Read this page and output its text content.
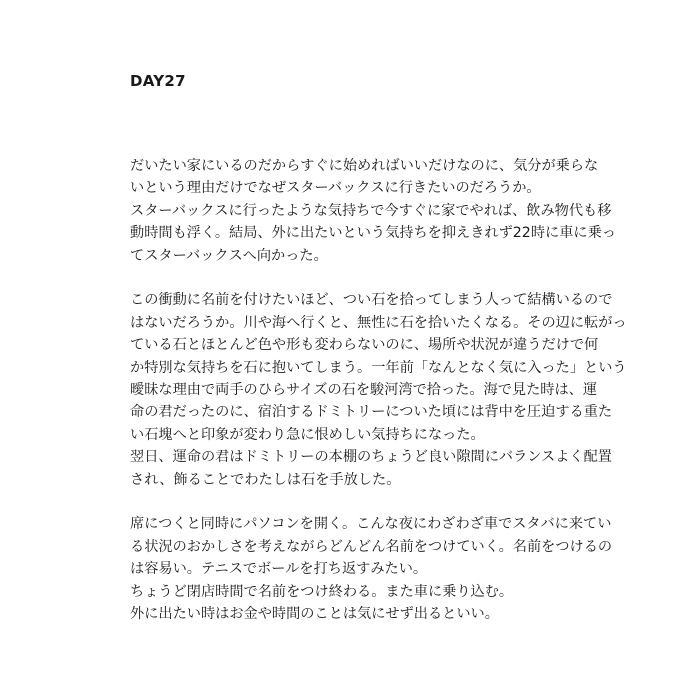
DAY27

だいたい家にいるのだからすぐに始めればいいだけなのに、気分が乗らな
いという理由だけでなぜスターバックスに行きたいのだろうか。
スターバックスに行ったような気持ちで今すぐに家でやれば、飲み物代も移
動時間も浮く。結局、外に出たいという気持ちを抑えきれず22時に車に乗っ
てスターバックスへ向かった。

この衝動に名前を付けたいほど、つい石を拾ってしまう人って結構いるので
はないだろうか。川や海へ行くと、無性に石を拾いたくなる。その辺に転がっ
ている石とほとんど色や形も変わらないのに、場所や状況が違うだけで何
か特別な気持ちを石に抱いてしまう。一年前「なんとなく気に入った」という
曖昧な理由で両手のひらサイズの石を駿河湾で拾った。海で見た時は、運
命の君だったのに、宿泊するドミトリーについた頃には背中を圧迫する重た
い石塊へと印象が変わり急に恨めしい気持ちになった。
翌日、運命の君はドミトリーの本棚のちょうど良い隙間にバランスよく配置
され、飾ることでわたしは石を手放した。

席につくと同時にパソコンを開く。こんな夜にわざわざ車でスタバに来てい
る状況のおかしさを考えながらどんどん名前をつけていく。名前をつけるの
は容易い。テニスでボールを打ち返すみたい。
ちょうど閉店時間で名前をつけ終わる。また車に乗り込む。
外に出たい時はお金や時間のことは気にせず出るといい。
